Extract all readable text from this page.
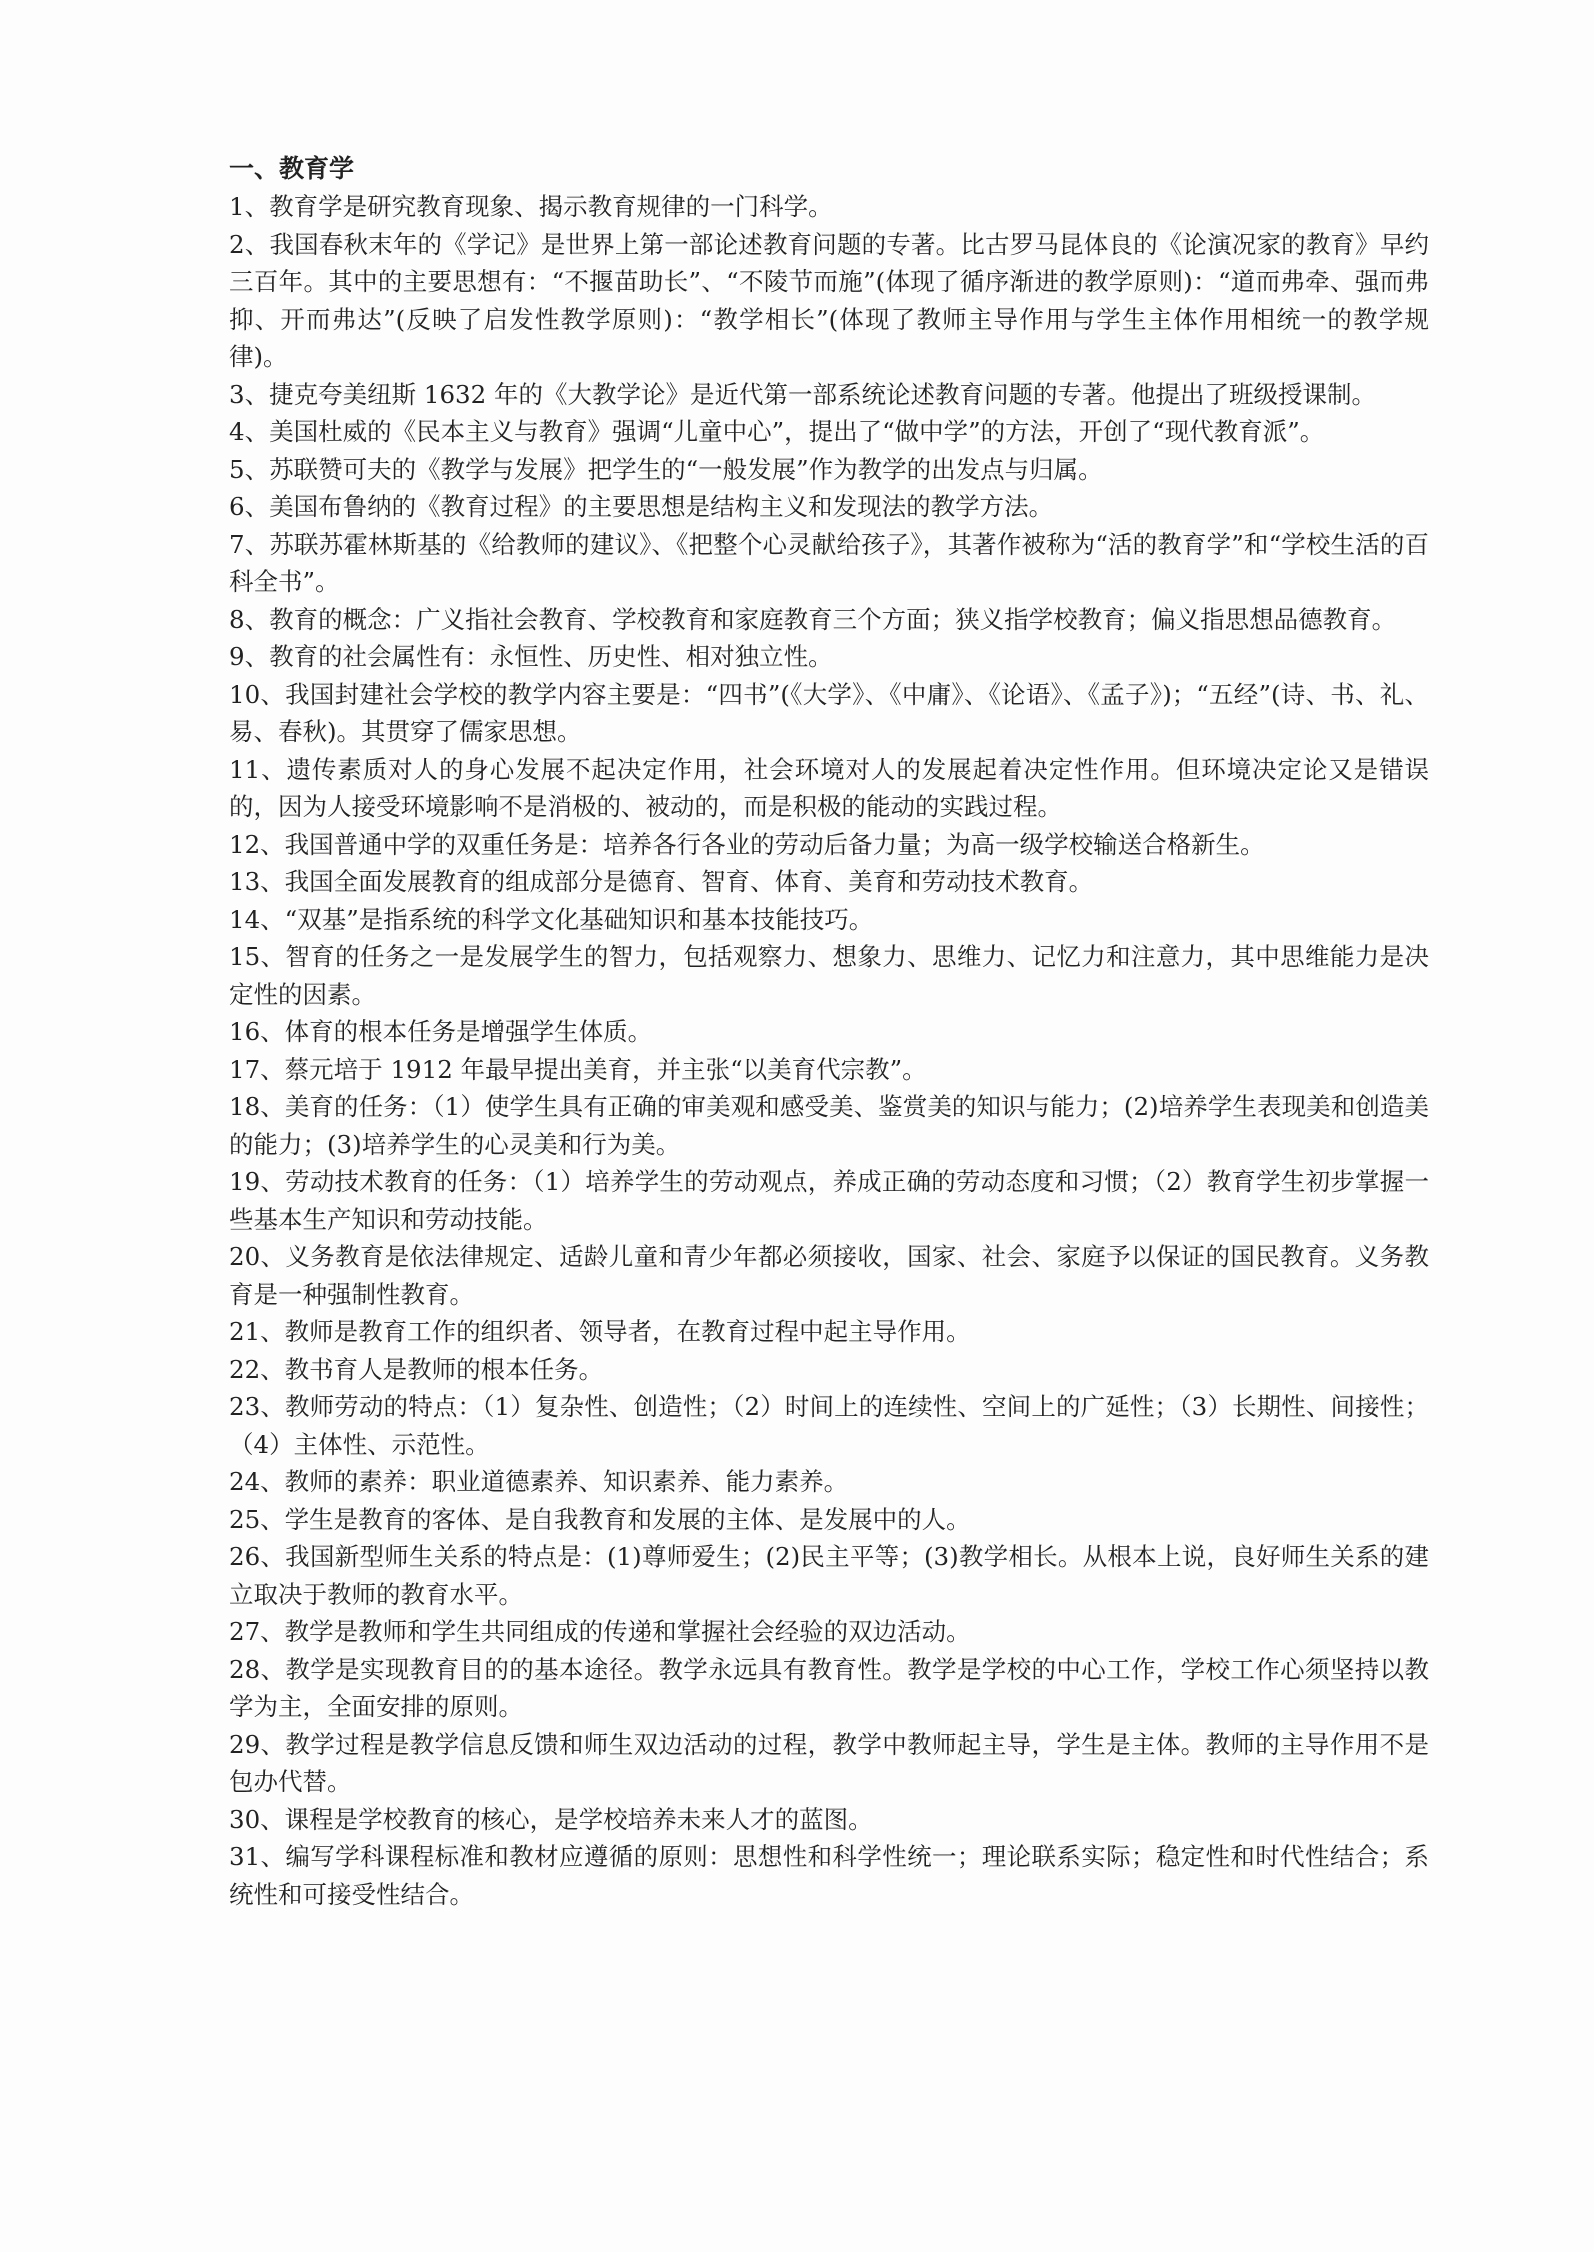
一、教育学
1、教育学是研究教育现象、揭示教育规律的一门科学。
2、我国春秋末年的《学记》是世界上第一部论述教育问题的专著。比古罗马昆体良的《论演况家的教育》早约三百年。其中的主要思想有：“不揠苗助长”、“不陵节而施”(体现了循序渐进的教学原则)：“道而弗牵、强而弗抑、开而弗达”(反映了启发性教学原则)：“教学相长”(体现了教师主导作用与学生主体作用相统一的教学规律)。
3、捷克夸美纽斯 1632 年的《大教学论》是近代第一部系统论述教育问题的专著。他提出了班级授课制。
4、美国杜威的《民本主义与教育》强调“儿童中心”，提出了“做中学”的方法，开创了“现代教育派”。
5、苏联赞可夫的《教学与发展》把学生的“一般发展”作为教学的出发点与归属。
6、美国布鲁纳的《教育过程》的主要思想是结构主义和发现法的教学方法。
7、苏联苏霍林斯基的《给教师的建议》、《把整个心灵献给孩子》，其著作被称为“活的教育学”和“学校生活的百科全书”。
8、教育的概念：广义指社会教育、学校教育和家庭教育三个方面；狭义指学校教育；偏义指思想品德教育。
9、教育的社会属性有：永恒性、历史性、相对独立性。
10、我国封建社会学校的教学内容主要是：“四书”(《大学》、《中庸》、《论语》、《孟子》)；“五经”(诗、书、礼、易、春秋)。其贯穿了儒家思想。
11、遗传素质对人的身心发展不起决定作用，社会环境对人的发展起着决定性作用。但环境决定论又是错误的，因为人接受环境影响不是消极的、被动的，而是积极的能动的实践过程。
12、我国普通中学的双重任务是：培养各行各业的劳动后备力量；为高一级学校输送合格新生。
13、我国全面发展教育的组成部分是德育、智育、体育、美育和劳动技术教育。
14、“双基”是指系统的科学文化基础知识和基本技能技巧。
15、智育的任务之一是发展学生的智力，包括观察力、想象力、思维力、记忆力和注意力，其中思维能力是决定性的因素。
16、体育的根本任务是增强学生体质。
17、蔡元培于 1912 年最早提出美育，并主张“以美育代宗教”。
18、美育的任务：（1）使学生具有正确的审美观和感受美、鉴赏美的知识与能力；(2)培养学生表现美和创造美的能力；(3)培养学生的心灵美和行为美。
19、劳动技术教育的任务：（1）培养学生的劳动观点，养成正确的劳动态度和习惯；（2）教育学生初步掌握一些基本生产知识和劳动技能。
20、义务教育是依法律规定、适龄儿童和青少年都必须接收，国家、社会、家庭予以保证的国民教育。义务教育是一种强制性教育。
21、教师是教育工作的组织者、领导者，在教育过程中起主导作用。
22、教书育人是教师的根本任务。
23、教师劳动的特点：（1）复杂性、创造性；（2）时间上的连续性、空间上的广延性；（3）长期性、间接性；（4）主体性、示范性。
24、教师的素养：职业道德素养、知识素养、能力素养。
25、学生是教育的客体、是自我教育和发展的主体、是发展中的人。
26、我国新型师生关系的特点是：(1)尊师爱生；(2)民主平等；(3)教学相长。从根本上说，良好师生关系的建立取决于教师的教育水平。
27、教学是教师和学生共同组成的传递和掌握社会经验的双边活动。
28、教学是实现教育目的的基本途径。教学永远具有教育性。教学是学校的中心工作，学校工作心须坚持以教学为主，全面安排的原则。
29、教学过程是教学信息反馈和师生双边活动的过程，教学中教师起主导，学生是主体。教师的主导作用不是包办代替。
30、课程是学校教育的核心，是学校培养未来人才的蓝图。
31、编写学科课程标准和教材应遵循的原则：思想性和科学性统一；理论联系实际；稳定性和时代性结合；系统性和可接受性结合。
